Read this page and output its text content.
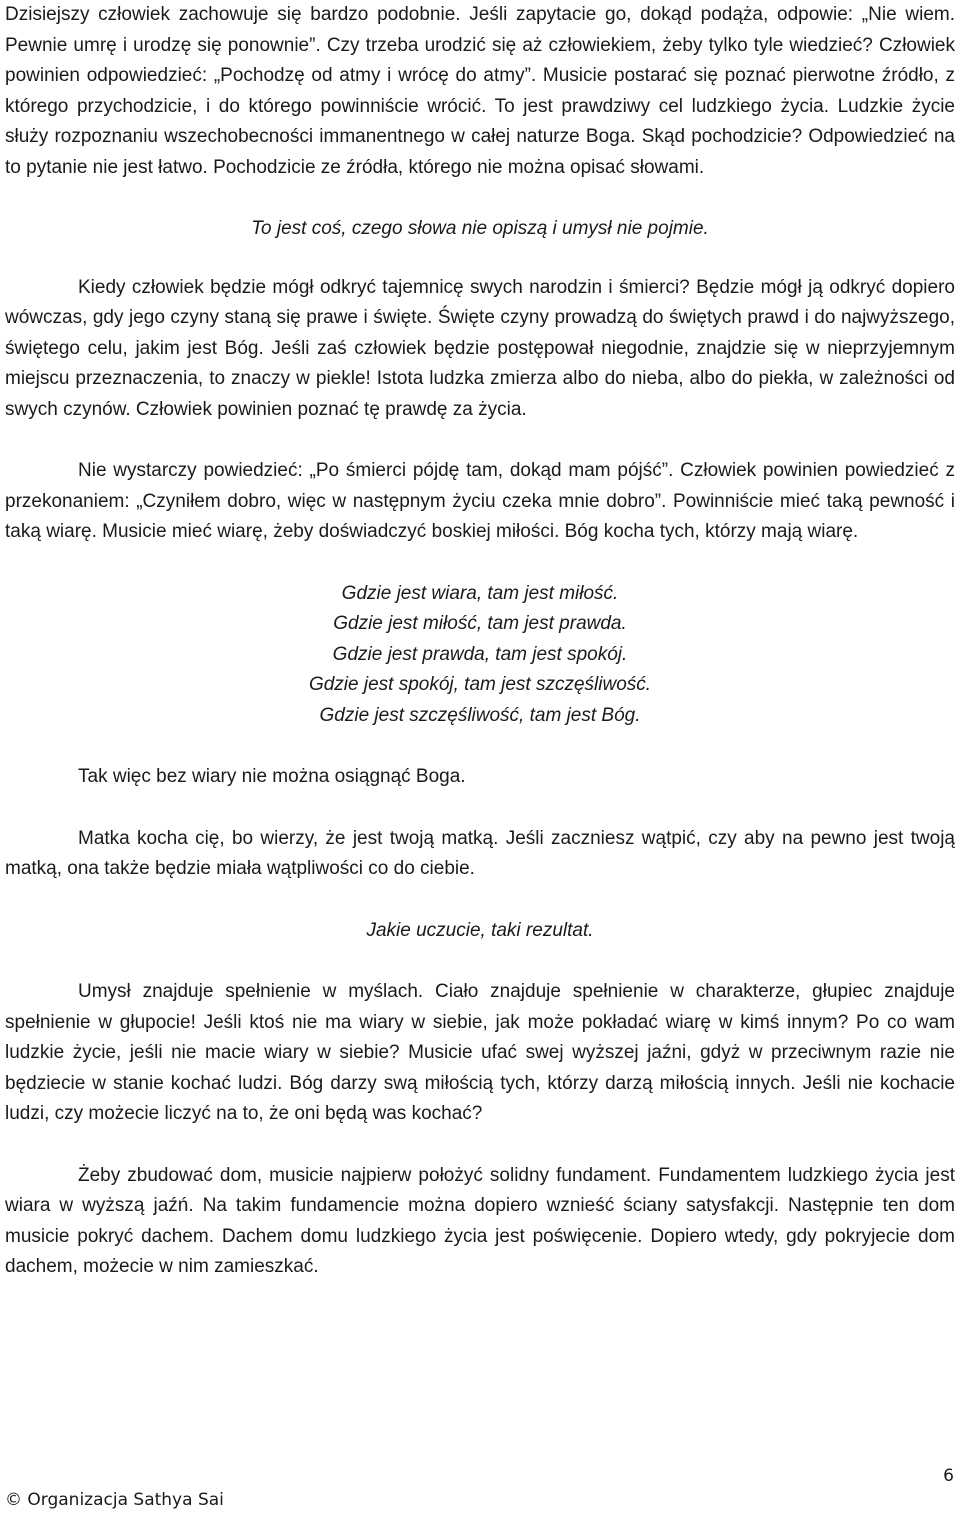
Dzisiejszy człowiek zachowuje się bardzo podobnie. Jeśli zapytacie go, dokąd podąża, odpowie: „Nie wiem. Pewnie umrę i urodzę się ponownie”. Czy trzeba urodzić się aż człowiekiem, żeby tylko tyle wiedzieć? Człowiek powinien odpowiedzieć: „Pochodzę od atmy i wrócę do atmy”. Musicie postarać się poznać pierwotne źródło, z którego przychodzicie, i do którego powinniście wrócić. To jest prawdziwy cel ludzkiego życia. Ludzkie życie służy rozpoznaniu wszechobecności immanentnego w całej naturze Boga. Skąd pochodzicie? Odpowiedzieć na to pytanie nie jest łatwo. Pochodzicie ze źródła, którego nie można opisać słowami.

To jest coś, czego słowa nie opiszą i umysł nie pojmie.

Kiedy człowiek będzie mógł odkryć tajemnicę swych narodzin i śmierci? Będzie mógł ją odkryć dopiero wówczas, gdy jego czyny staną się prawe i święte. Święte czyny prowadzą do świętych prawd i do najwyższego, świętego celu, jakim jest Bóg. Jeśli zaś człowiek będzie postępował niegodnie, znajdzie się w nieprzyjemnym miejscu przeznaczenia, to znaczy w piekle! Istota ludzka zmierza albo do nieba, albo do piekła, w zależności od swych czynów. Człowiek powinien poznać tę prawdę za życia.

Nie wystarczy powiedzieć: „Po śmierci pójdę tam, dokąd mam pójść”. Człowiek powinien powiedzieć z przekonaniem: „Czyniłem dobro, więc w następnym życiu czeka mnie dobro”. Powinniście mieć taką pewność i taką wiarę. Musicie mieć wiarę, żeby doświadczyć boskiej miłości. Bóg kocha tych, którzy mają wiarę.

Gdzie jest wiara, tam jest miłość.
Gdzie jest miłość, tam jest prawda.
Gdzie jest prawda, tam jest spokój.
Gdzie jest spokój, tam jest szczęśliwość.
Gdzie jest szczęśliwość, tam jest Bóg.

Tak więc bez wiary nie można osiągnąć Boga.

Matka kocha cię, bo wierzy, że jest twoją matką. Jeśli zaczniesz wątpić, czy aby na pewno jest twoją matką, ona także będzie miała wątpliwości co do ciebie.

Jakie uczucie, taki rezultat.

Umysł znajduje spełnienie w myślach. Ciało znajduje spełnienie w charakterze, głupiec znajduje spełnienie w głupocie! Jeśli ktoś nie ma wiary w siebie, jak może pokładać wiarę w kimś innym? Po co wam ludzkie życie, jeśli nie macie wiary w siebie? Musicie ufać swej wyższej jaźni, gdyż w przeciwnym razie nie będziecie w stanie kochać ludzi. Bóg darzy swą miłością tych, którzy darzą miłością innych. Jeśli nie kochacie ludzi, czy możecie liczyć na to, że oni będą was kochać?

Żeby zbudować dom, musicie najpierw położyć solidny fundament. Fundamentem ludzkiego życia jest wiara w wyższą jaźń. Na takim fundamencie można dopiero wznieść ściany satysfakcji. Następnie ten dom musicie pokryć dachem. Dachem domu ludzkiego życia jest poświęcenie. Dopiero wtedy, gdy pokryjecie dom dachem, możecie w nim zamieszkać.

6
© Organizacja Sathya Sai
